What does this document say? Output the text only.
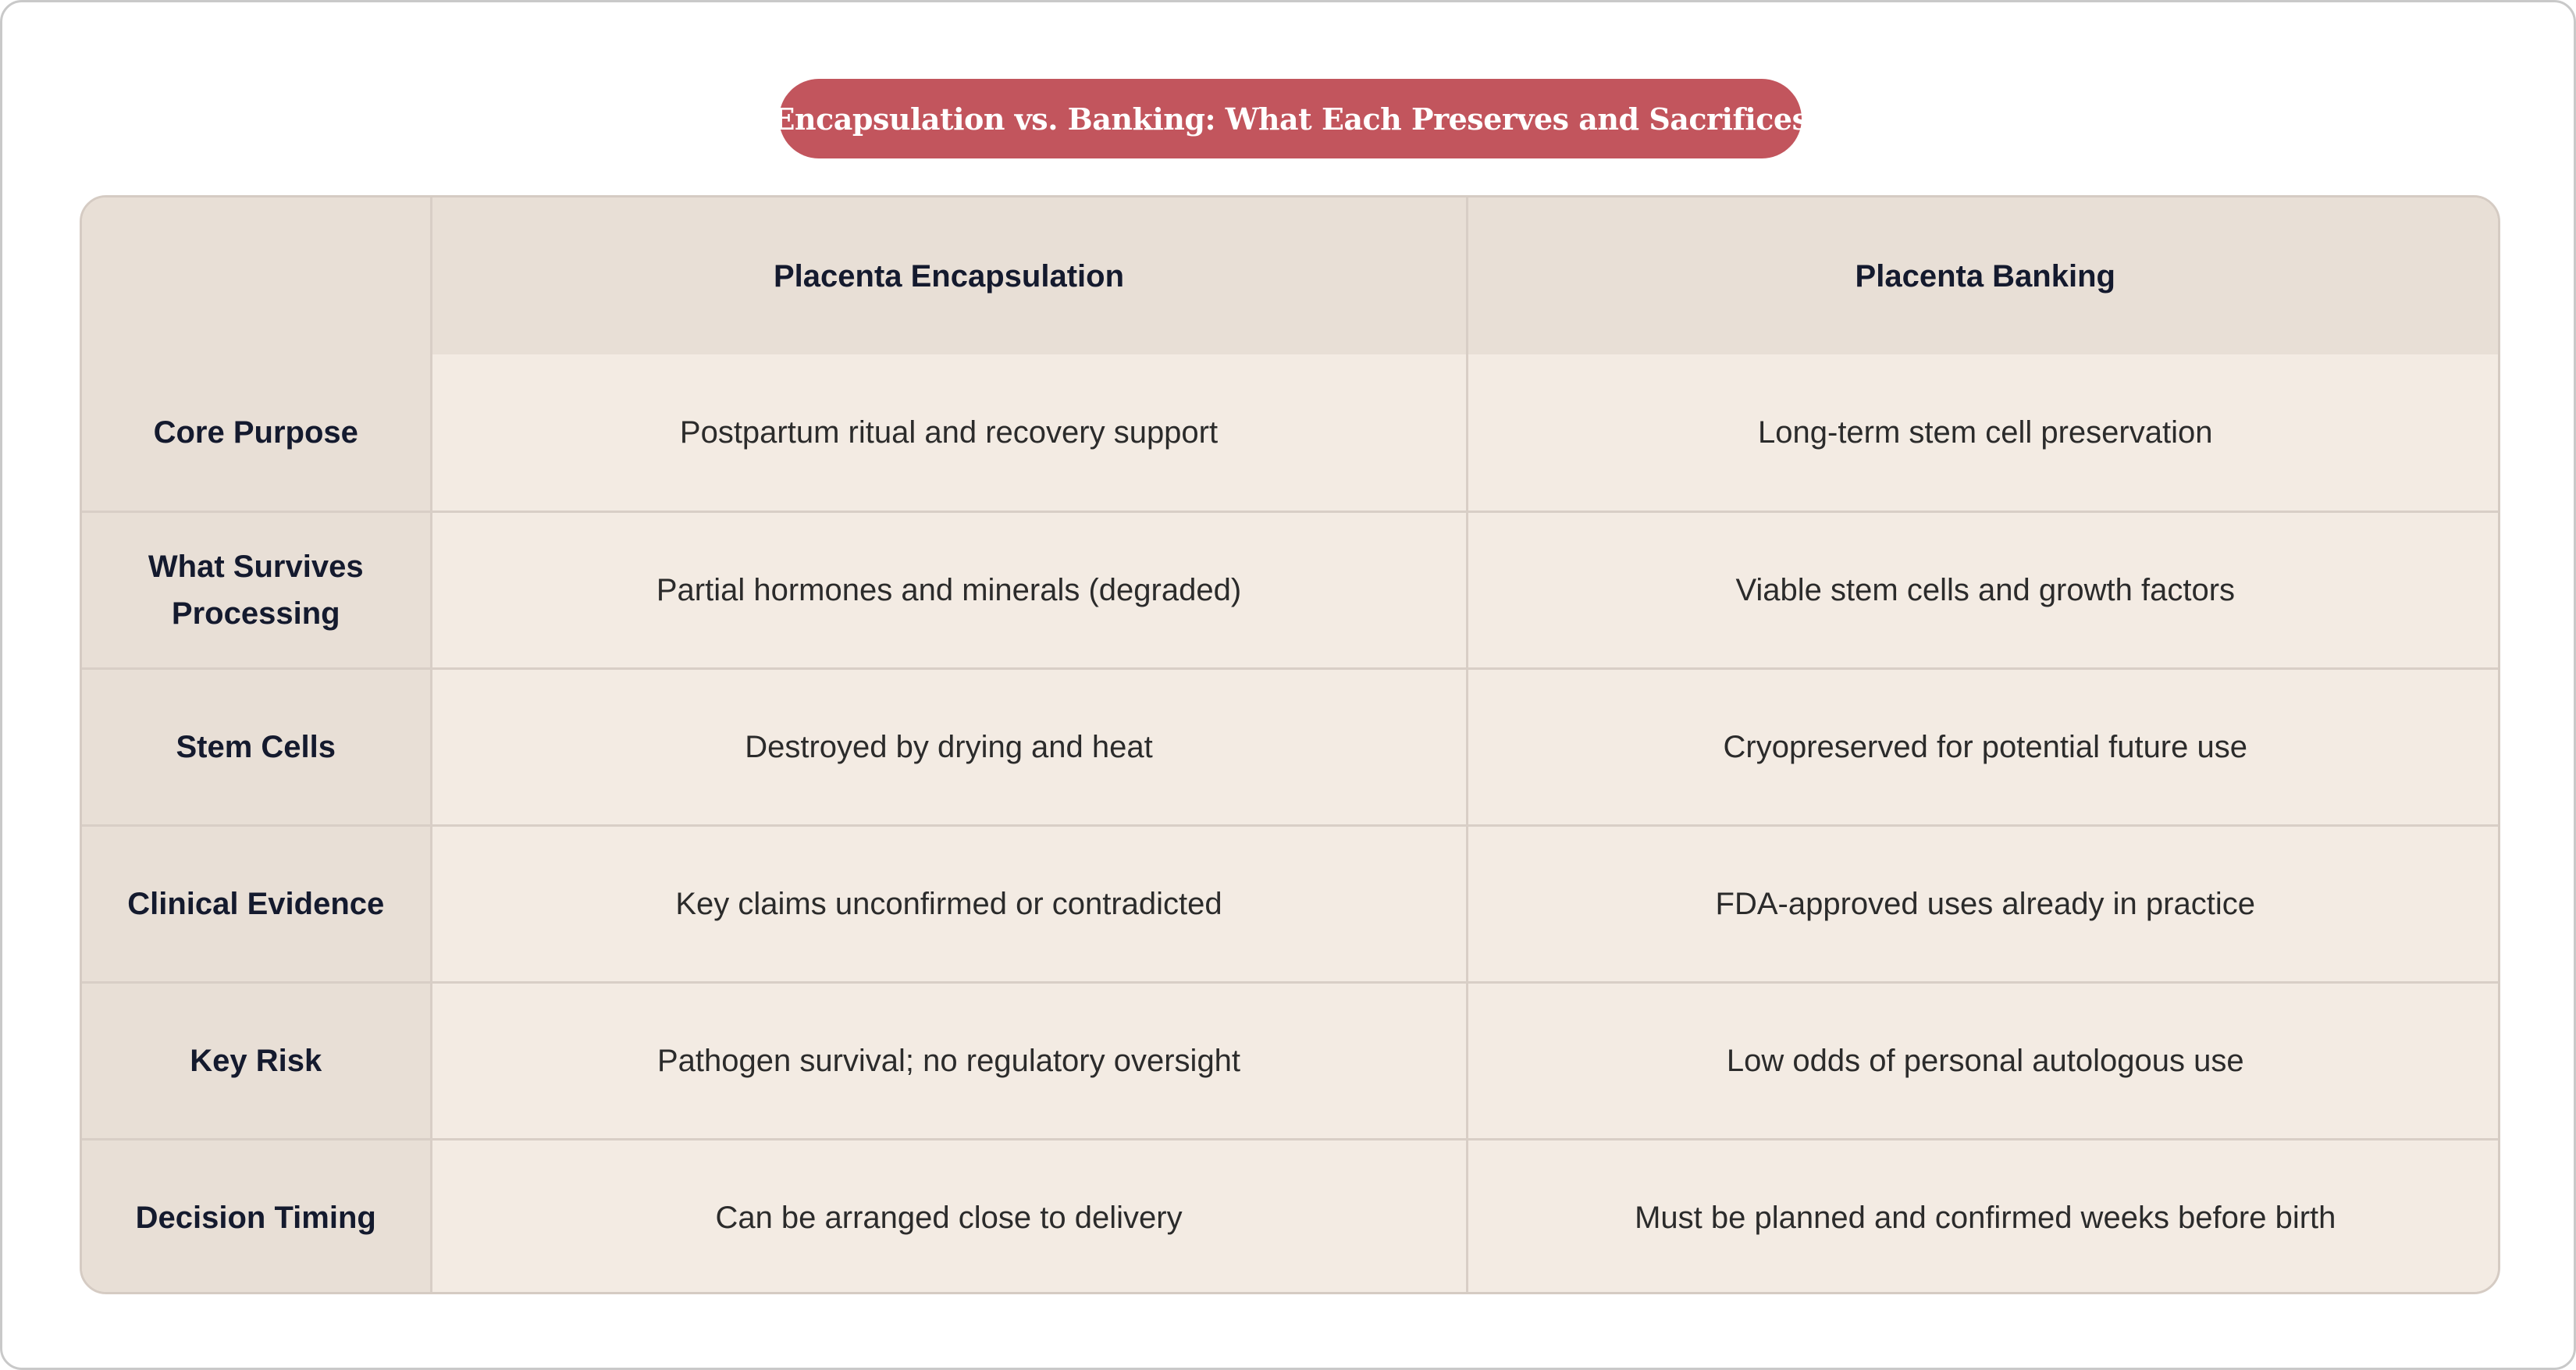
Encapsulation vs. Banking: What Each Preserves and Sacrifices
	Placenta Encapsulation	Placenta Banking
Core Purpose	Postpartum ritual and recovery support	Long-term stem cell preservation
What Survives Processing	Partial hormones and minerals (degraded)	Viable stem cells and growth factors
Stem Cells	Destroyed by drying and heat	Cryopreserved for potential future use
Clinical Evidence	Key claims unconfirmed or contradicted	FDA-approved uses already in practice
Key Risk	Pathogen survival; no regulatory oversight	Low odds of personal autologous use
Decision Timing	Can be arranged close to delivery	Must be planned and confirmed weeks before birth
